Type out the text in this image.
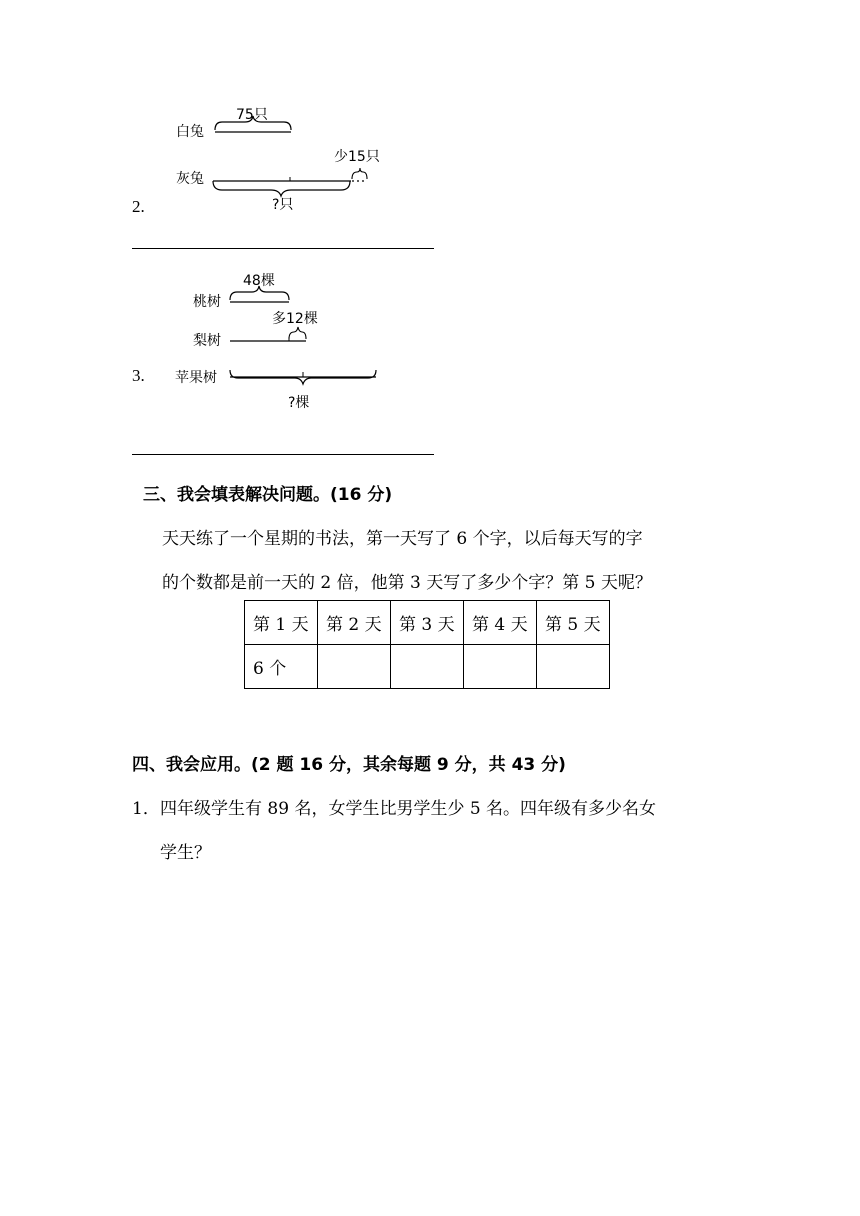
75只
白兔
少15只
灰兔
?只
2.
48棵
桃树
多12棵
梨树
苹果树
?棵
3.
三、我会填表解决问题。(16 分)
天天练了一个星期的书法，第一天写了 6 个字，以后每天写的字
的个数都是前一天的 2 倍，他第 3 天写了多少个字？第 5 天呢？
第 1 天	第 2 天	第 3 天	第 4 天	第 5 天
6 个				
四、我会应用。(2 题 16 分，其余每题 9 分，共 43 分)
1． 四年级学生有 89 名，女学生比男学生少 5 名。四年级有多少名女
学生？
